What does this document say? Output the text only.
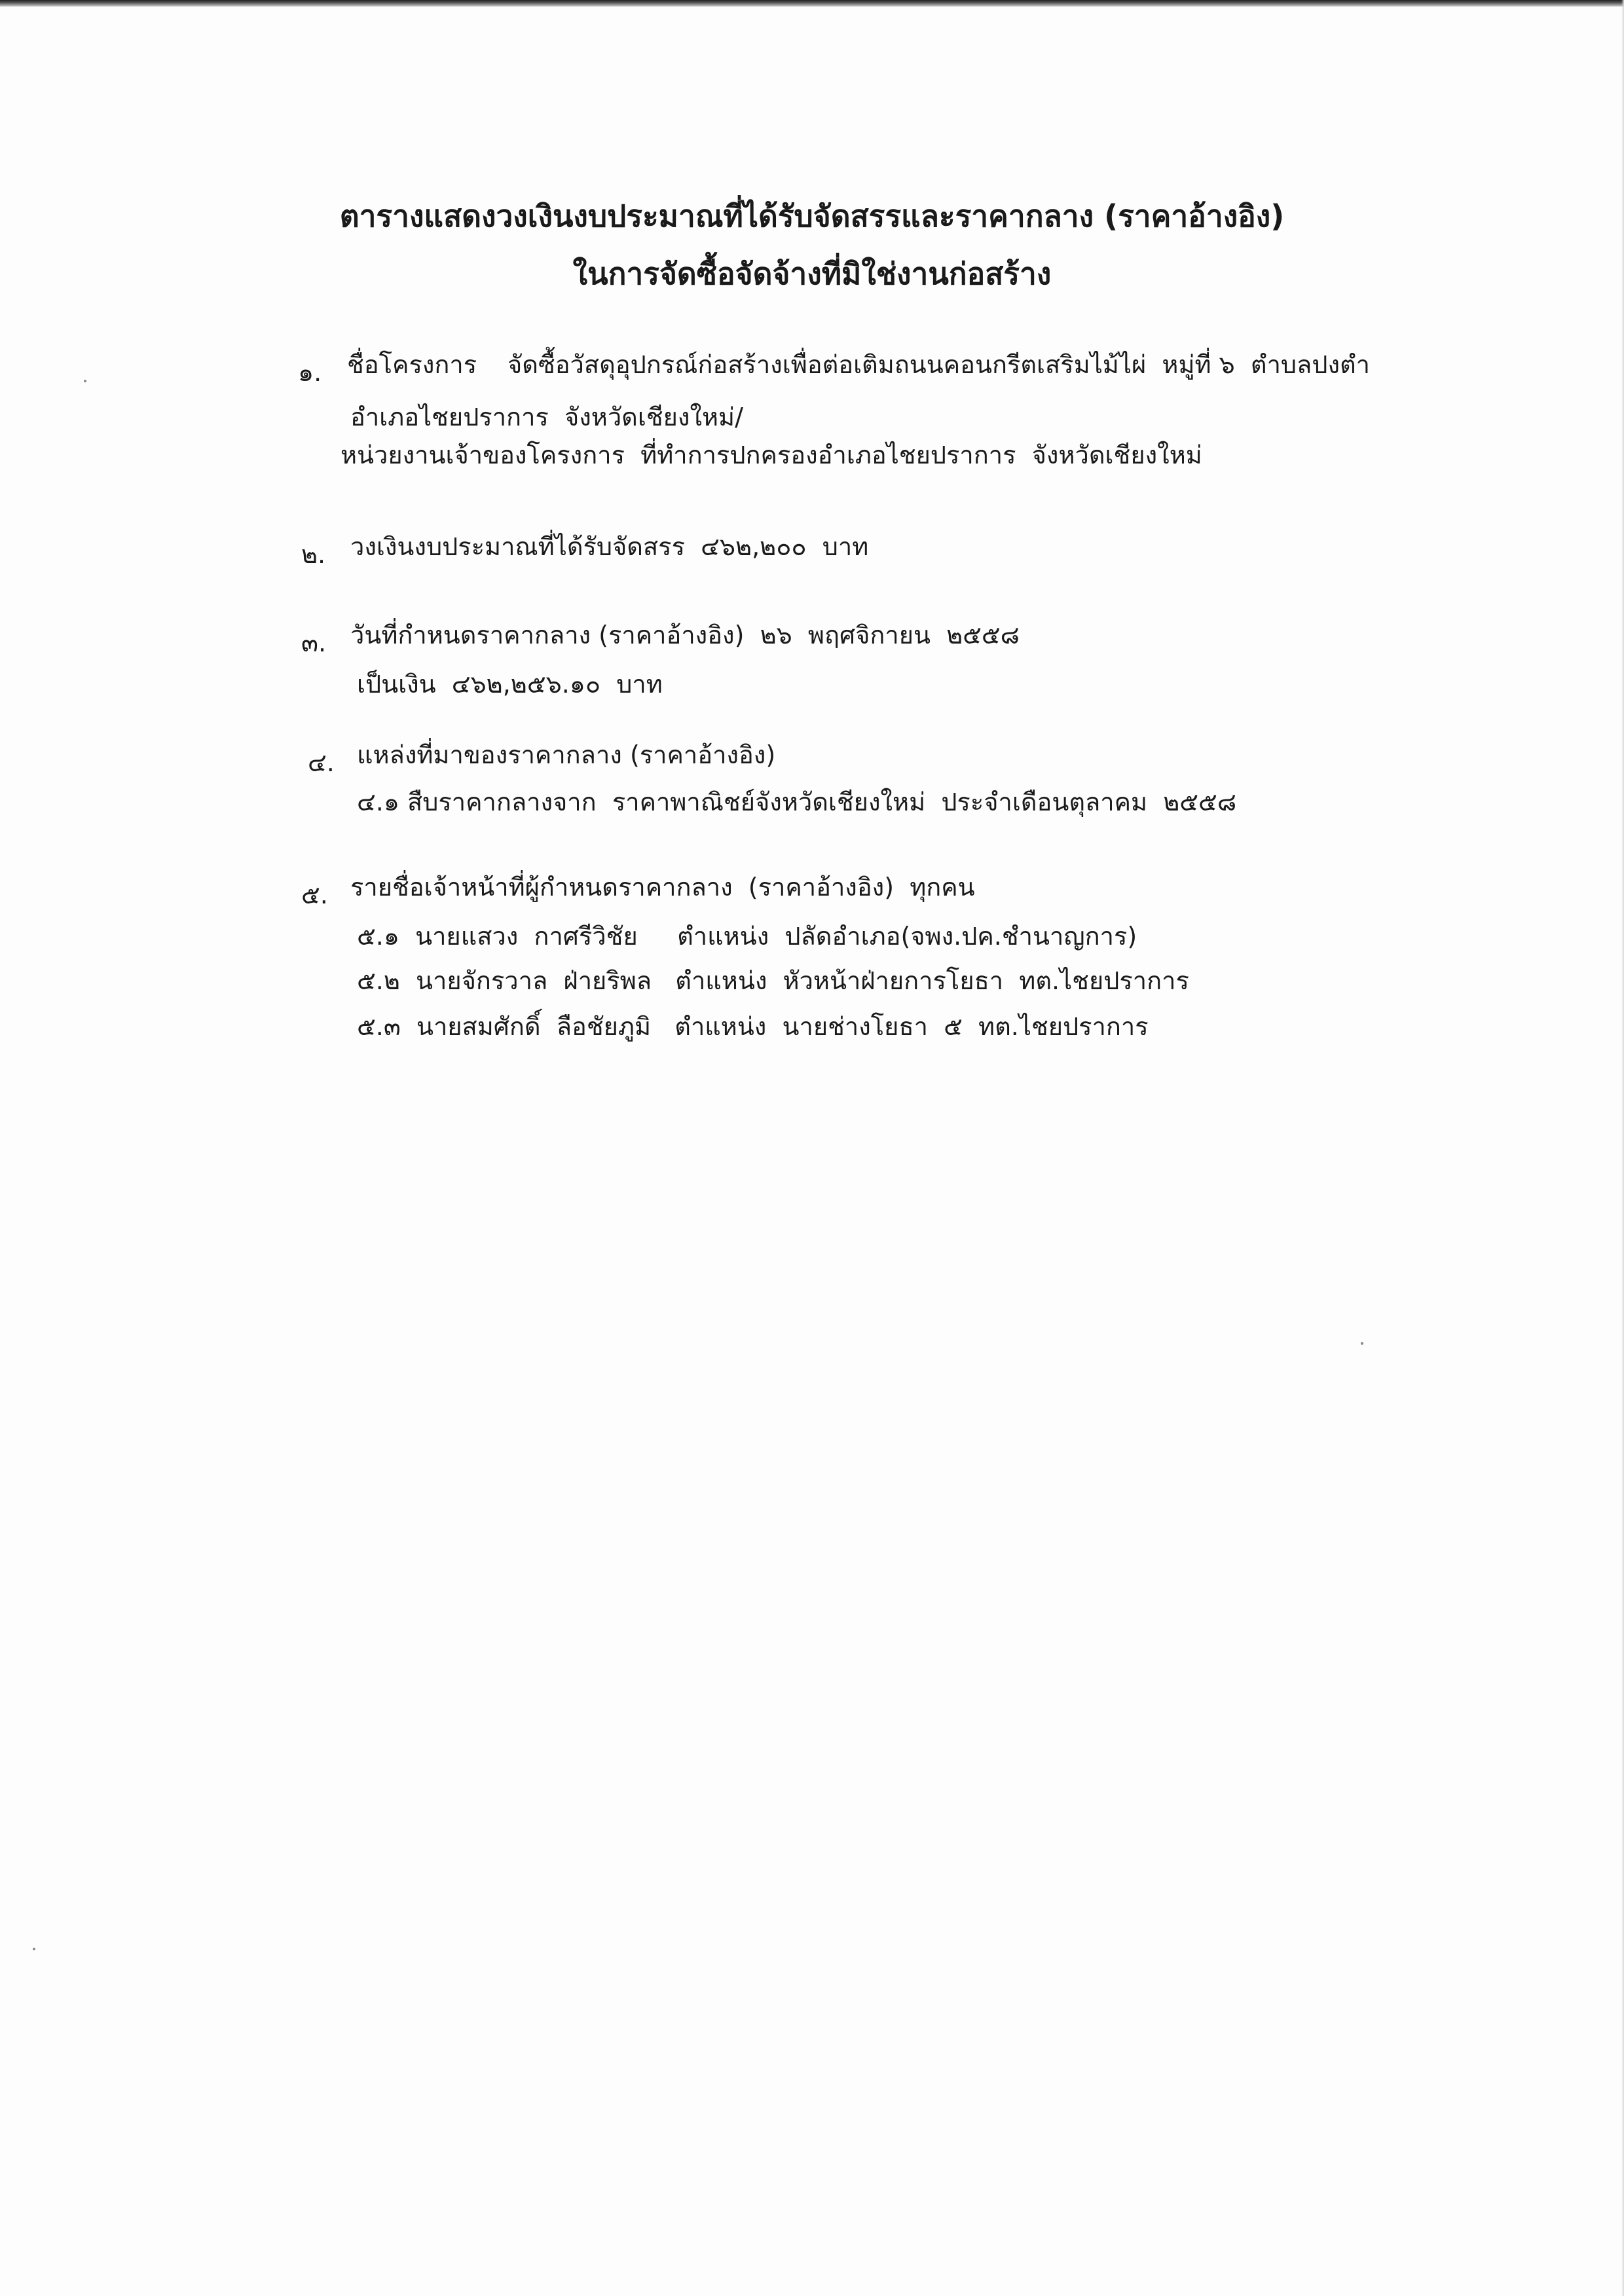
ตารางแสดงวงเงินงบประมาณที่ได้รับจัดสรรและราคากลาง (ราคาอ้างอิง)
ในการจัดซื้อจัดจ้างที่มิใช่งานก่อสร้าง
๑. ชื่อโครงการ จัดซื้อวัสดุอุปกรณ์ก่อสร้างเพื่อต่อเติมถนนคอนกรีตเสริมไม้ไผ่  หมู่ที่ ๖  ตำบลปงตำ
อำเภอไชยปราการ  จังหวัดเชียงใหม่/
หน่วยงานเจ้าของโครงการ  ที่ทำการปกครองอำเภอไชยปราการ  จังหวัดเชียงใหม่
๒. วงเงินงบประมาณที่ได้รับจัดสรร  ๔๖๒,๒๐๐  บาท
๓. วันที่กำหนดราคากลาง (ราคาอ้างอิง)  ๒๖  พฤศจิกายน  ๒๕๕๘
เป็นเงิน  ๔๖๒,๒๕๖.๑๐  บาท
๔. แหล่งที่มาของราคากลาง (ราคาอ้างอิง)
๔.๑ สืบราคากลางจาก  ราคาพาณิชย์จังหวัดเชียงใหม่  ประจำเดือนตุลาคม  ๒๕๕๘
๕. รายชื่อเจ้าหน้าที่ผู้กำหนดราคากลาง  (ราคาอ้างอิง)  ทุกคน
๕.๑  นายแสวง  กาศรีวิชัย     ตำแหน่ง  ปลัดอำเภอ(จพง.ปค.ชำนาญการ)
๕.๒  นายจักรวาล  ฝ่ายริพล   ตำแหน่ง  หัวหน้าฝ่ายการโยธา  ทต.ไชยปราการ
๕.๓  นายสมศักดิ์  ลือชัยภูมิ   ตำแหน่ง  นายช่างโยธา  ๕  ทต.ไชยปราการ
